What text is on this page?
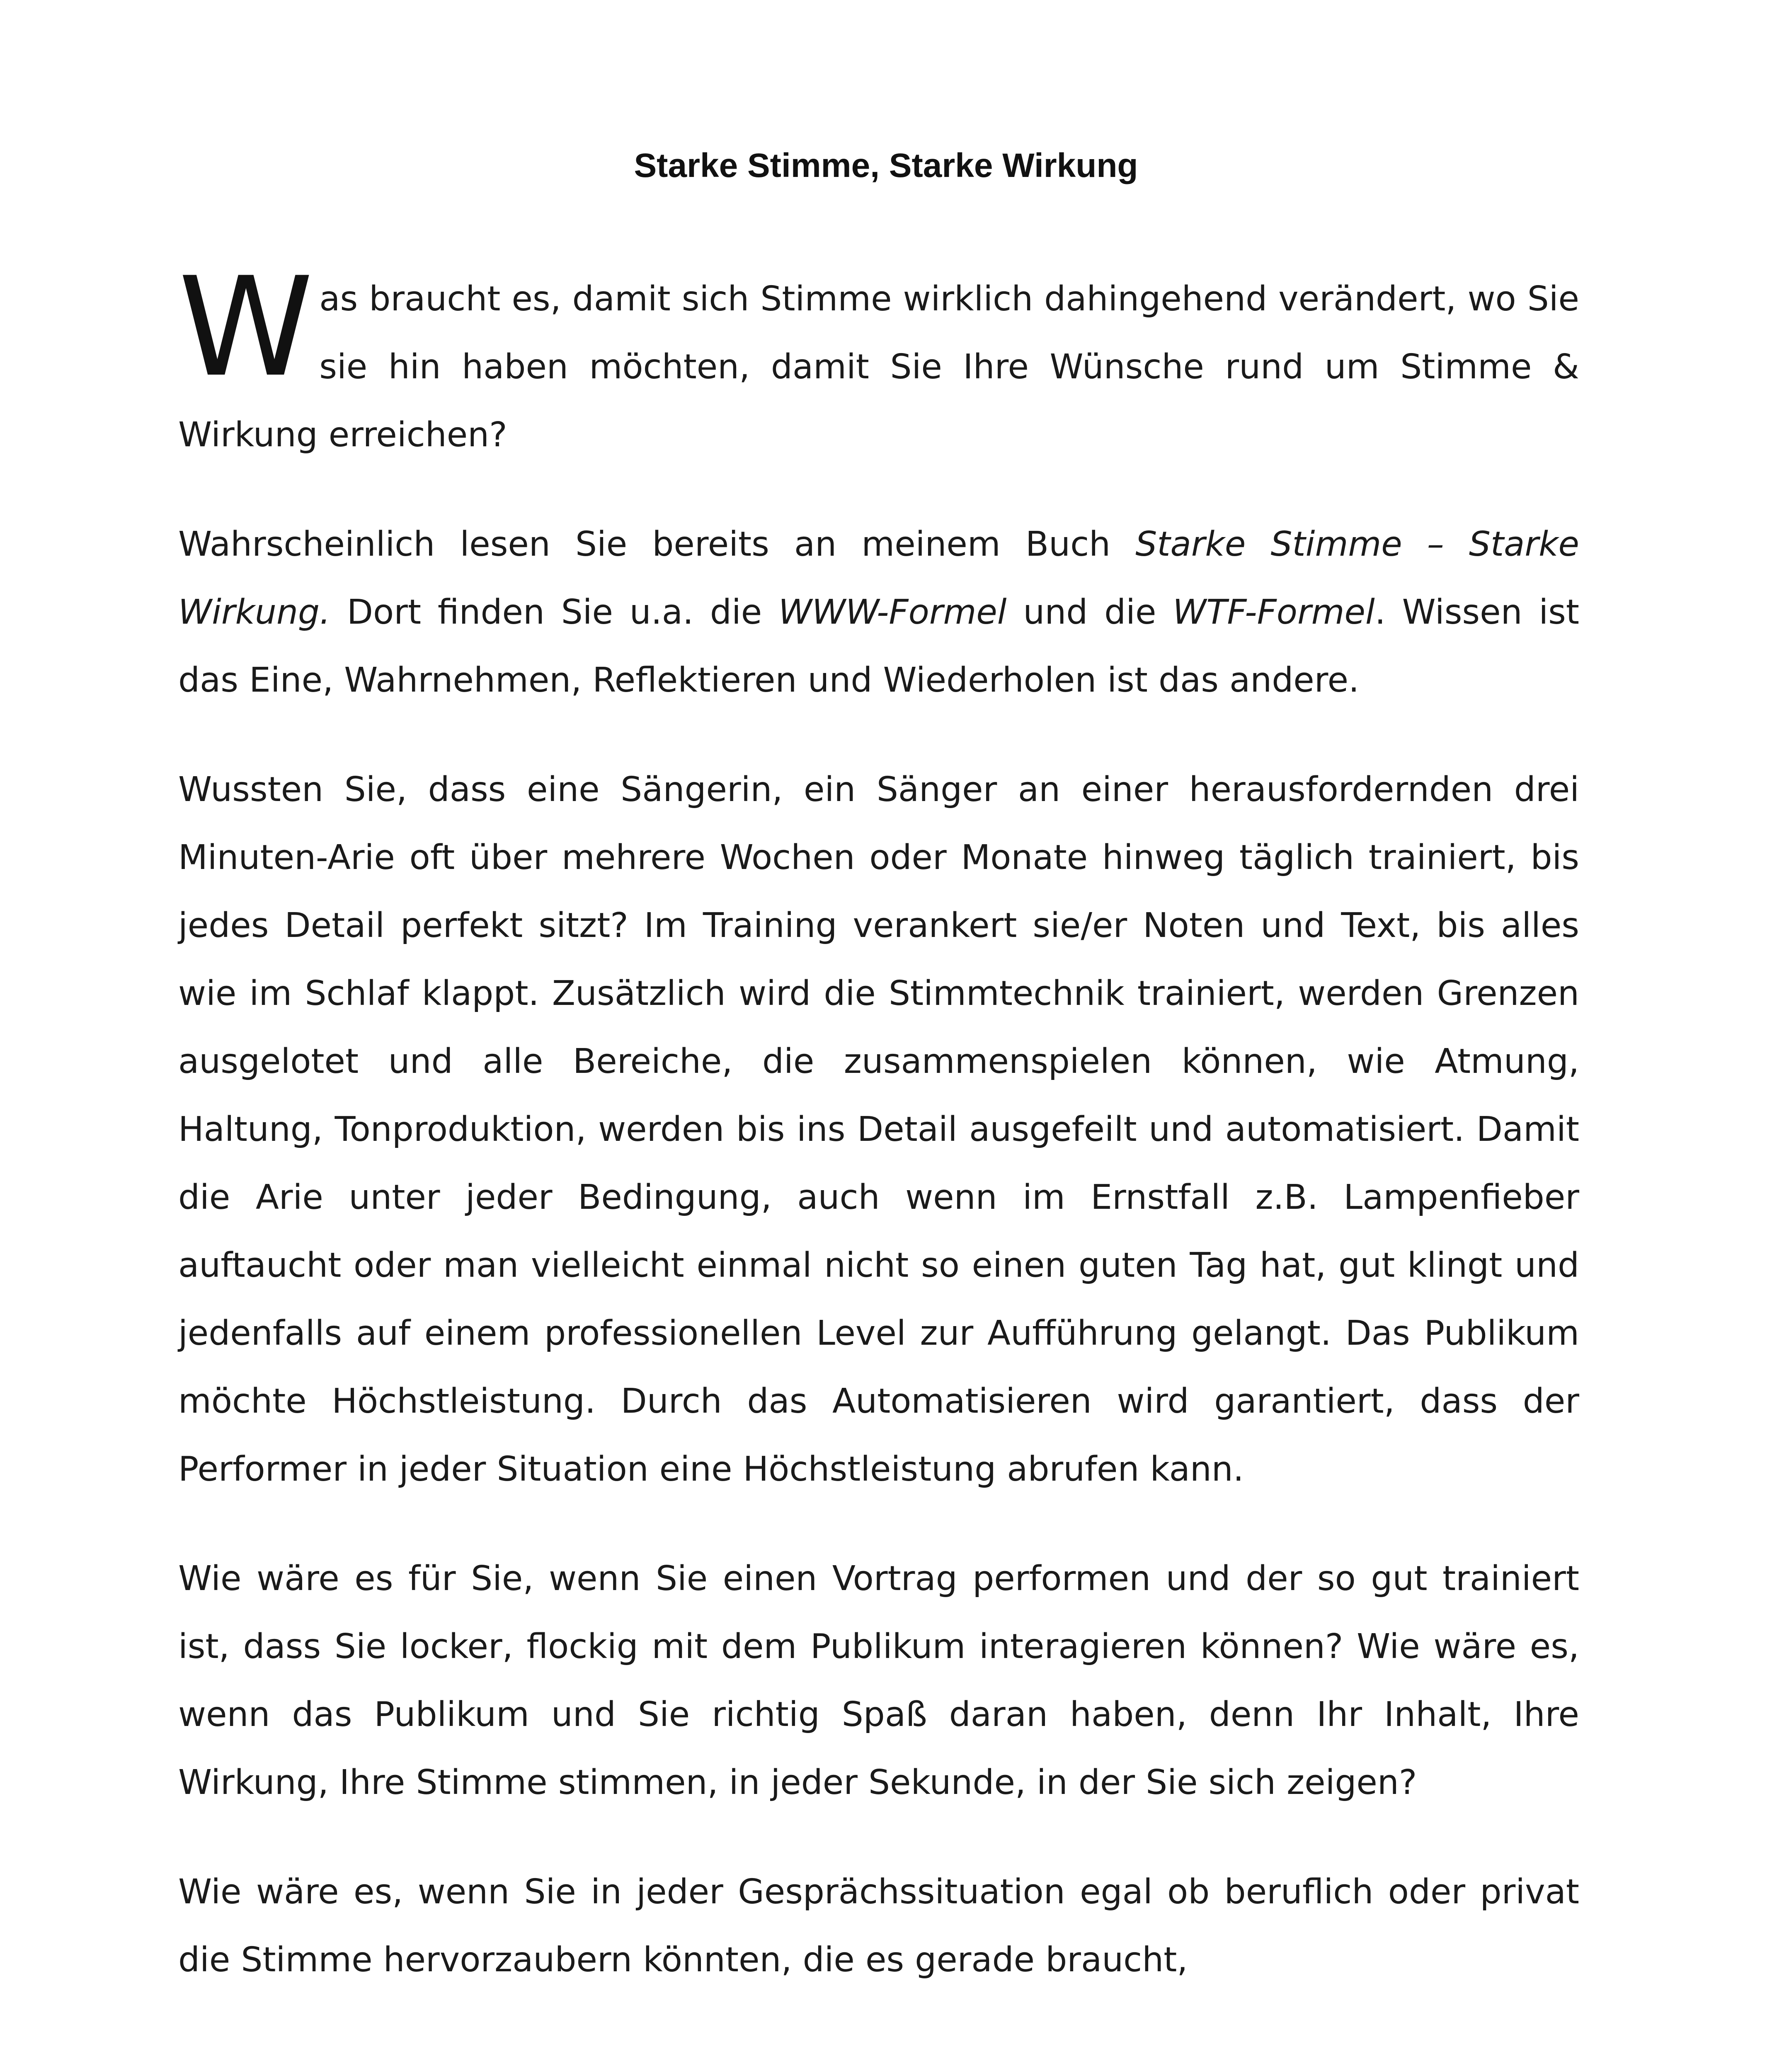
Starke Stimme, Starke Wirkung

Was braucht es, damit sich Stimme wirklich dahingehend verändert, wo Sie sie hin haben möchten, damit Sie Ihre Wünsche rund um Stimme & Wirkung erreichen?

Wahrscheinlich lesen Sie bereits an meinem Buch Starke Stimme – Starke Wirkung. Dort finden Sie u.a. die WWW-Formel und die WTF-Formel. Wissen ist das Eine, Wahrnehmen, Reflektieren und Wiederholen ist das andere.

Wussten Sie, dass eine Sängerin, ein Sänger an einer herausfordernden drei Minuten-Arie oft über mehrere Wochen oder Monate hinweg täglich trainiert, bis jedes Detail perfekt sitzt? Im Training verankert sie/er Noten und Text, bis alles wie im Schlaf klappt. Zusätzlich wird die Stimmtechnik trainiert, werden Grenzen ausgelotet und alle Bereiche, die zusammenspielen können, wie Atmung, Haltung, Tonproduktion, werden bis ins Detail ausgefeilt und automatisiert. Damit die Arie unter jeder Bedingung, auch wenn im Ernstfall z.B. Lampenfieber auftaucht oder man vielleicht einmal nicht so einen guten Tag hat, gut klingt und jedenfalls auf einem professionellen Level zur Aufführung gelangt. Das Publikum möchte Höchstleistung. Durch das Automatisieren wird garantiert, dass der Performer in jeder Situation eine Höchstleistung abrufen kann.

Wie wäre es für Sie, wenn Sie einen Vortrag performen und der so gut trainiert ist, dass Sie locker, flockig mit dem Publikum interagieren können? Wie wäre es, wenn das Publikum und Sie richtig Spaß daran haben, denn Ihr Inhalt, Ihre Wirkung, Ihre Stimme stimmen, in jeder Sekunde, in der Sie sich zeigen?

Wie wäre es, wenn Sie in jeder Gesprächssituation egal ob beruflich oder privat die Stimme hervorzaubern könnten, die es gerade braucht,
